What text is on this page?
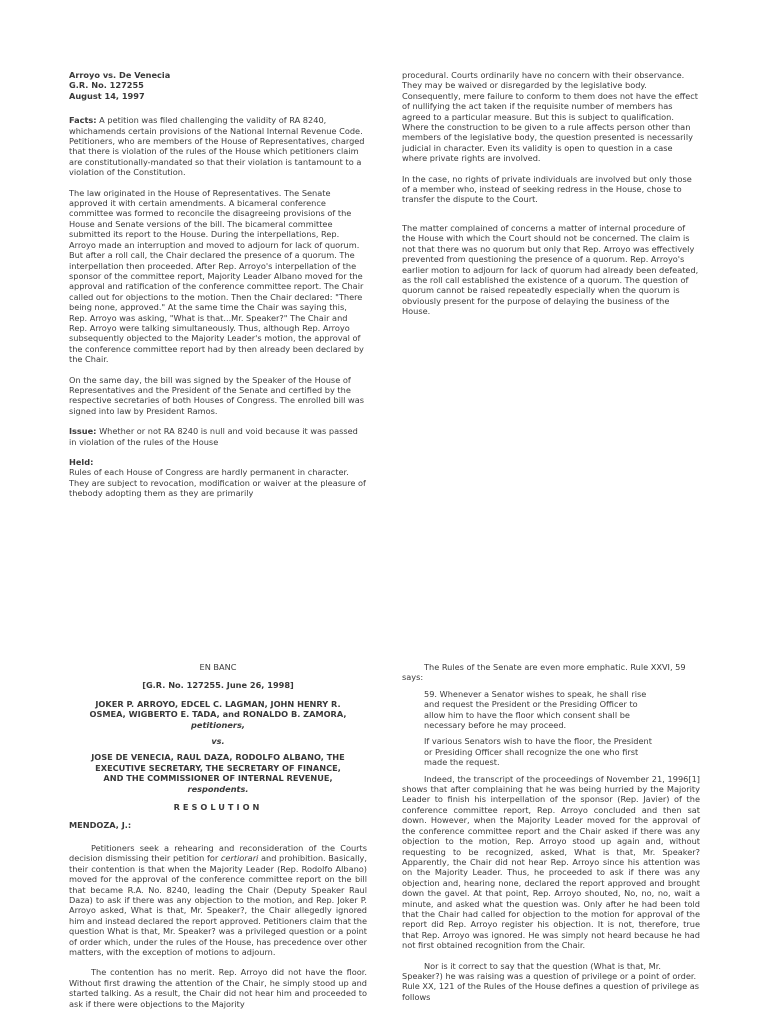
Arroyo vs. De Venecia
G.R. No. 127255
August 14, 1997

Facts: A petition was filed challenging the validity of RA 8240, whichamends certain provisions of the National Internal Revenue Code. Petitioners, who are members of the House of Representatives, charged that there is violation of the rules of the House which petitioners claim are constitutionally-mandated so that their violation is tantamount to a violation of the Constitution.

The law originated in the House of Representatives. The Senate approved it with certain amendments. A bicameral conference committee was formed to reconcile the disagreeing provisions of the House and Senate versions of the bill. The bicameral committee submitted its report to the House. During the interpellations, Rep. Arroyo made an interruption and moved to adjourn for lack of quorum. But after a roll call, the Chair declared the presence of a quorum. The interpellation then proceeded. After Rep. Arroyo's interpellation of the sponsor of the committee report, Majority Leader Albano moved for the approval and ratification of the conference committee report. The Chair called out for objections to the motion. Then the Chair declared: "There being none, approved." At the same time the Chair was saying this, Rep. Arroyo was asking, "What is that...Mr. Speaker?" The Chair and Rep. Arroyo were talking simultaneously. Thus, although Rep. Arroyo subsequently objected to the Majority Leader's motion, the approval of the conference committee report had by then already been declared by the Chair.

On the same day, the bill was signed by the Speaker of the House of Representatives and the President of the Senate and certified by the respective secretaries of both Houses of Congress. The enrolled bill was signed into law by President Ramos.

Issue: Whether or not RA 8240 is null and void because it was passed in violation of the rules of the House

Held:

Rules of each House of Congress are hardly permanent in character. They are subject to revocation, modification or waiver at the pleasure of thebody adopting them as they are primarily

procedural. Courts ordinarily have no concern with their observance. They may be waived or disregarded by the legislative body. Consequently, mere failure to conform to them does not have the effect of nullifying the act taken if the requisite number of members has agreed to a particular measure. But this is subject to qualification. Where the construction to be given to a rule affects person other than members of the legislative body, the question presented is necessarily judicial in character. Even its validity is open to question in a case where private rights are involved.

In the case, no rights of private individuals are involved but only those of a member who, instead of seeking redress in the House, chose to transfer the dispute to the Court.

The matter complained of concerns a matter of internal procedure of the House with which the Court should not be concerned. The claim is not that there was no quorum but only that Rep. Arroyo was effectively prevented from questioning the presence of a quorum. Rep. Arroyo's earlier motion to adjourn for lack of quorum had already been defeated, as the roll call established the existence of a quorum. The question of quorum cannot be raised repeatedly especially when the quorum is obviously present for the purpose of delaying the business of the House.

EN BANC
[G.R. No. 127255. June 26, 1998]
JOKER P. ARROYO, EDCEL C. LAGMAN, JOHN HENRY R. OSMEA, WIGBERTO E. TADA, and RONALDO B. ZAMORA, petitioners,
vs.
JOSE DE VENECIA, RAUL DAZA, RODOLFO ALBANO, THE EXECUTIVE SECRETARY, THE SECRETARY OF FINANCE, AND THE COMMISSIONER OF INTERNAL REVENUE, respondents.
RESOLUTION
MENDOZA, J.:

Petitioners seek a rehearing and reconsideration of the Courts decision dismissing their petition for certiorari and prohibition. Basically, their contention is that when the Majority Leader (Rep. Rodolfo Albano) moved for the approval of the conference committee report on the bill that became R.A. No. 8240, leading the Chair (Deputy Speaker Raul Daza) to ask if there was any objection to the motion, and Rep. Joker P. Arroyo asked, What is that, Mr. Speaker?, the Chair allegedly ignored him and instead declared the report approved. Petitioners claim that the question What is that, Mr. Speaker? was a privileged question or a point of order which, under the rules of the House, has precedence over other matters, with the exception of motions to adjourn.

The contention has no merit. Rep. Arroyo did not have the floor. Without first drawing the attention of the Chair, he simply stood up and started talking. As a result, the Chair did not hear him and proceeded to ask if there were objections to the Majority

The Rules of the Senate are even more emphatic. Rule XXVI, 59 says:

59. Whenever a Senator wishes to speak, he shall rise and request the President or the Presiding Officer to allow him to have the floor which consent shall be necessary before he may proceed.

If various Senators wish to have the floor, the President or Presiding Officer shall recognize the one who first made the request.

Indeed, the transcript of the proceedings of November 21, 1996[1] shows that after complaining that he was being hurried by the Majority Leader to finish his interpellation of the sponsor (Rep. Javier) of the conference committee report, Rep. Arroyo concluded and then sat down. However, when the Majority Leader moved for the approval of the conference committee report and the Chair asked if there was any objection to the motion, Rep. Arroyo stood up again and, without requesting to be recognized, asked, What is that, Mr. Speaker? Apparently, the Chair did not hear Rep. Arroyo since his attention was on the Majority Leader. Thus, he proceeded to ask if there was any objection and, hearing none, declared the report approved and brought down the gavel. At that point, Rep. Arroyo shouted, No, no, no, wait a minute, and asked what the question was. Only after he had been told that the Chair had called for objection to the motion for approval of the report did Rep. Arroyo register his objection. It is not, therefore, true that Rep. Arroyo was ignored. He was simply not heard because he had not first obtained recognition from the Chair.

Nor is it correct to say that the question (What is that, Mr. Speaker?) he was raising was a question of privilege or a point of order. Rule XX, 121 of the Rules of the House defines a question of privilege as follows
